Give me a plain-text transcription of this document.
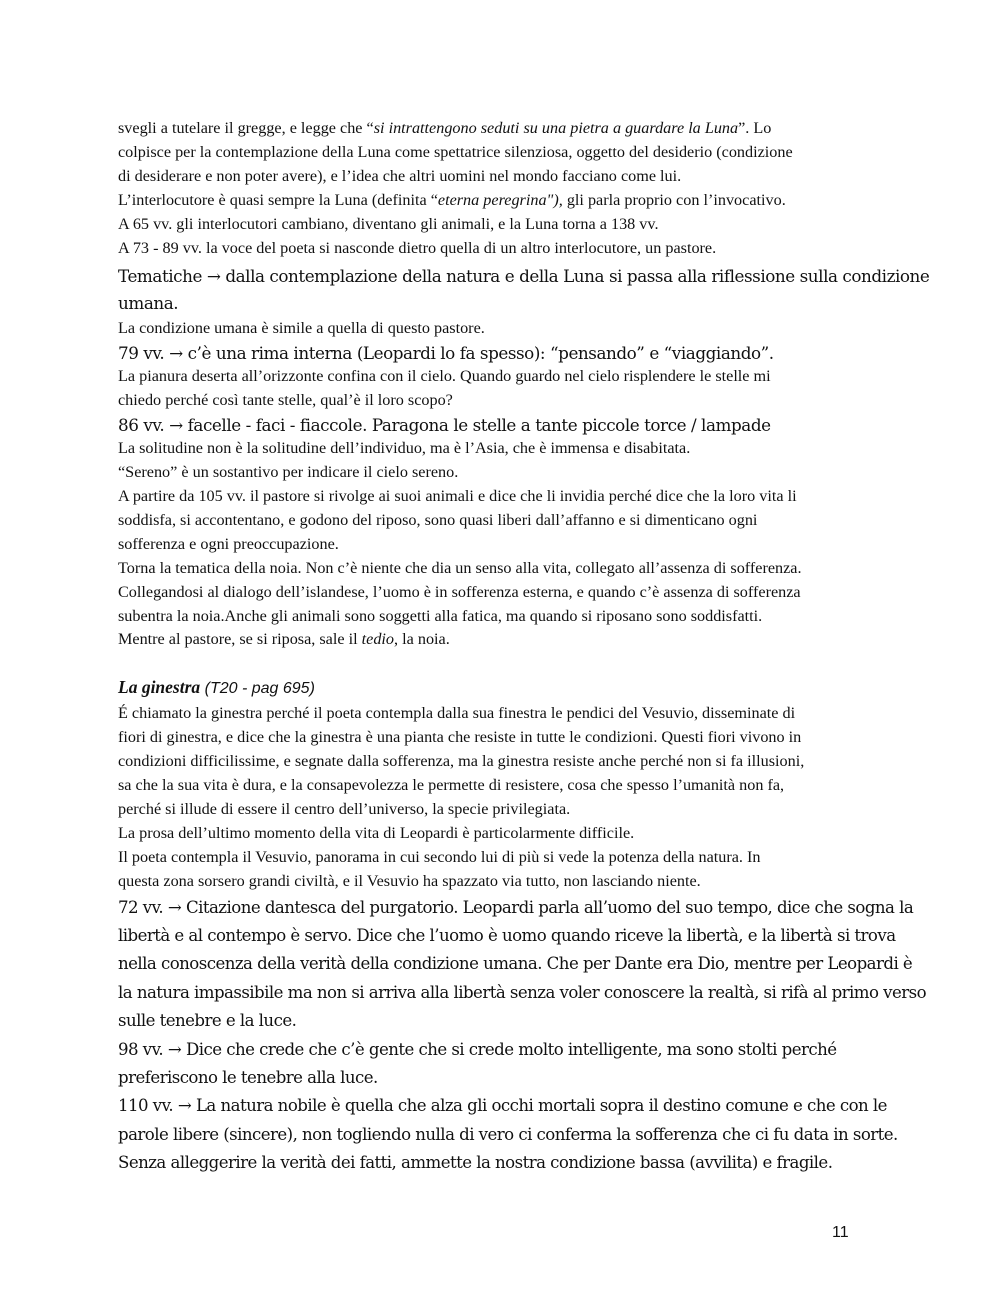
svegli a tutelare il gregge, e legge che “si intrattengono seduti su una pietra a guardare la Luna”. Lo
colpisce per la contemplazione della Luna come spettatrice silenziosa, oggetto del desiderio (condizione
di desiderare e non poter avere), e l’idea che altri uomini nel mondo facciano come lui.
L’interlocutore è quasi sempre la Luna (definita “eterna peregrina"), gli parla proprio con l’invocativo.
A 65 vv. gli interlocutori cambiano, diventano gli animali, e la Luna torna a 138 vv.
A 73 - 89 vv. la voce del poeta si nasconde dietro quella di un altro interlocutore, un pastore.
Tematiche → dalla contemplazione della natura e della Luna si passa alla riflessione sulla condizione
umana.
La condizione umana è simile a quella di questo pastore.
79 vv. → c’è una rima interna (Leopardi lo fa spesso): “pensando” e “viaggiando”.
La pianura deserta all’orizzonte confina con il cielo. Quando guardo nel cielo risplendere le stelle mi
chiedo perché così tante stelle, qual’è il loro scopo?
86 vv. → facelle - faci - fiaccole. Paragona le stelle a tante piccole torce / lampade
La solitudine non è la solitudine dell’individuo, ma è l’Asia, che è immensa e disabitata.
“Sereno” è un sostantivo per indicare il cielo sereno.
A partire da 105 vv. il pastore si rivolge ai suoi animali e dice che li invidia perché dice che la loro vita li
soddisfa, si accontentano, e godono del riposo, sono quasi liberi dall’affanno e si dimenticano ogni
sofferenza e ogni preoccupazione.
Torna la tematica della noia. Non c’è niente che dia un senso alla vita, collegato all’assenza di sofferenza.
Collegandosi al dialogo dell’islandese, l’uomo è in sofferenza esterna, e quando c’è assenza di sofferenza
subentra la noia.Anche gli animali sono soggetti alla fatica, ma quando si riposano sono soddisfatti.
Mentre al pastore, se si riposa, sale il tedio, la noia.
La ginestra (T20 - pag 695)
É chiamato la ginestra perché il poeta contempla dalla sua finestra le pendici del Vesuvio, disseminate di
fiori di ginestra, e dice che la ginestra è una pianta che resiste in tutte le condizioni. Questi fiori vivono in
condizioni difficilissime, e segnate dalla sofferenza, ma la ginestra resiste anche perché non si fa illusioni,
sa che la sua vita è dura, e la consapevolezza le permette di resistere, cosa che spesso l’umanità non fa,
perché si illude di essere il centro dell’universo, la specie privilegiata.
La prosa dell’ultimo momento della vita di Leopardi è particolarmente difficile.
Il poeta contempla il Vesuvio, panorama in cui secondo lui di più si vede la potenza della natura. In
questa zona sorsero grandi civiltà, e il Vesuvio ha spazzato via tutto, non lasciando niente.
72 vv. → Citazione dantesca del purgatorio. Leopardi parla all’uomo del suo tempo, dice che sogna la
libertà e al contempo è servo. Dice che l’uomo è uomo quando riceve la libertà, e la libertà si trova
nella conoscenza della verità della condizione umana. Che per Dante era Dio, mentre per Leopardi è
la natura impassibile ma non si arriva alla libertà senza voler conoscere la realtà, si rifà al primo verso
sulle tenebre e la luce.
98 vv. → Dice che crede che c’è gente che si crede molto intelligente, ma sono stolti perché
preferiscono le tenebre alla luce.
110 vv. → La natura nobile è quella che alza gli occhi mortali sopra il destino comune e che con le
parole libere (sincere), non togliendo nulla di vero ci conferma la sofferenza che ci fu data in sorte.
Senza alleggerire la verità dei fatti, ammette la nostra condizione bassa (avvilita) e fragile.
11
